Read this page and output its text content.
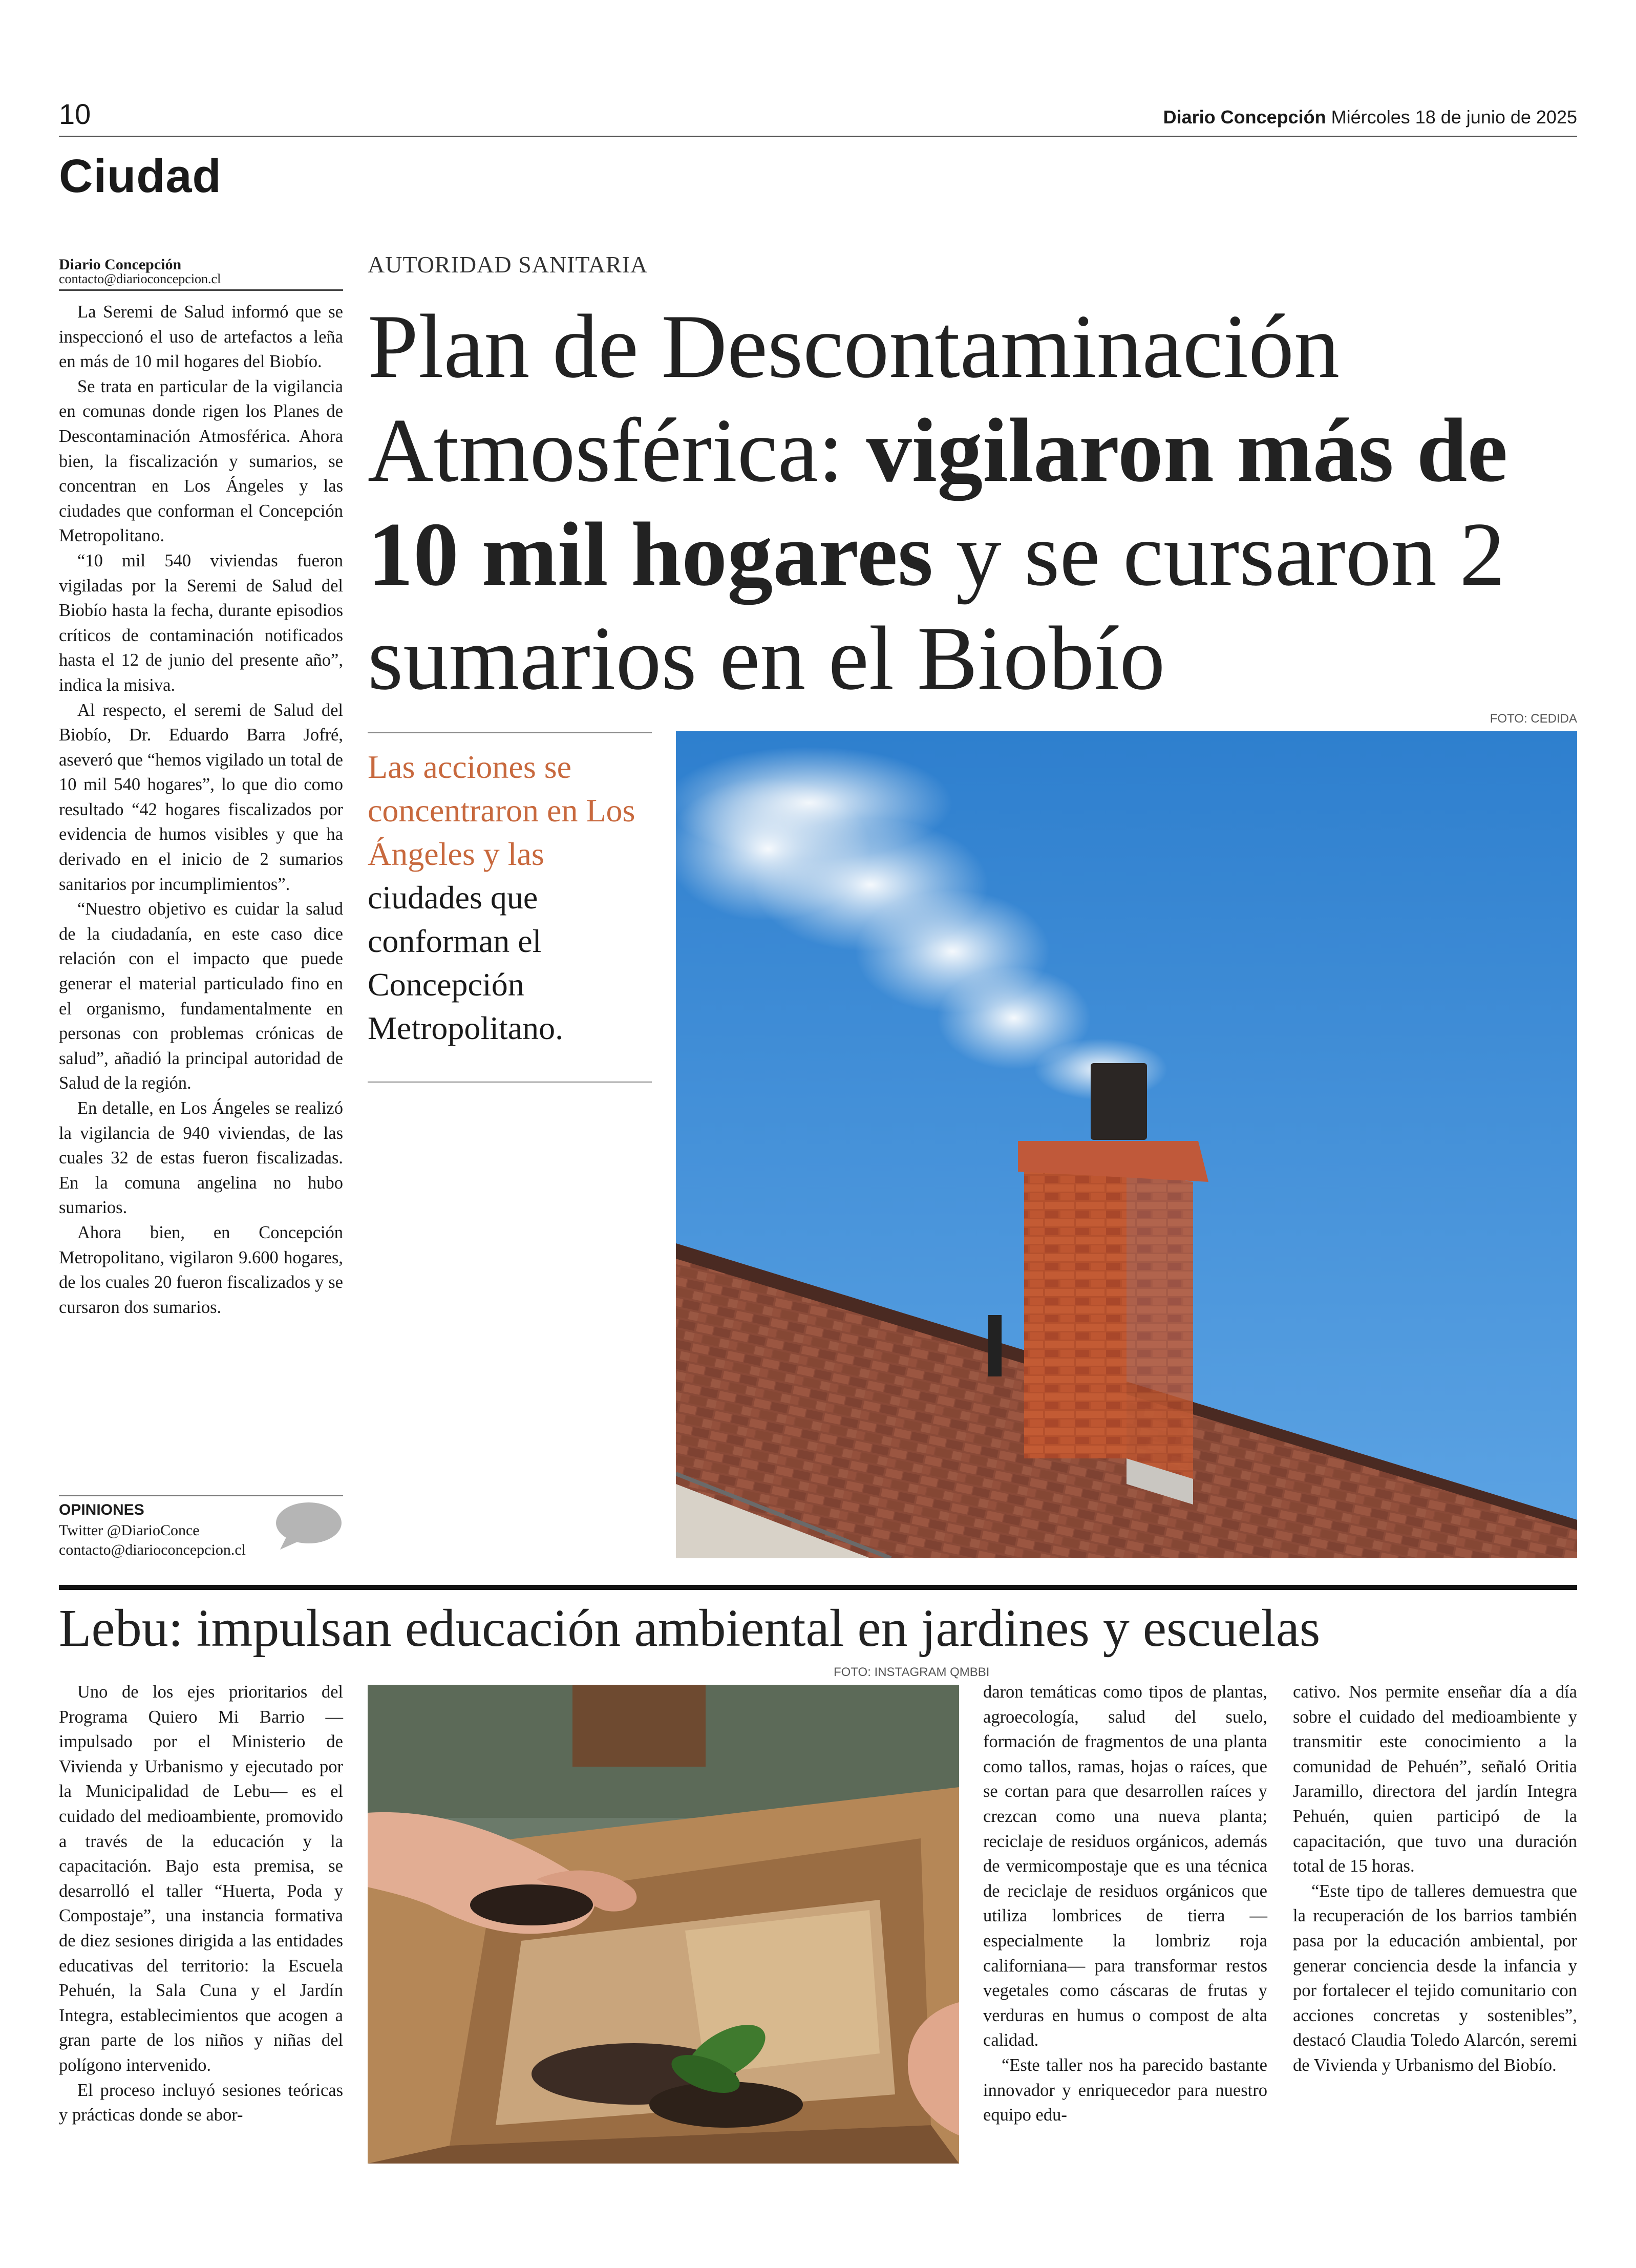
10	Diario Concepción Miércoles 18 de junio de 2025
Ciudad
Diario Concepción
contacto@diarioconcepcion.cl

La Seremi de Salud informó que se inspeccionó el uso de artefactos a leña en más de 10 mil hogares del Biobío.

Se trata en particular de la vigilancia en comunas donde rigen los Planes de Descontaminación Atmosférica. Ahora bien, la fiscalización y sumarios, se concentran en Los Ángeles y las ciudades que conforman el Concepción Metropolitano.

“10 mil 540 viviendas fueron vigiladas por la Seremi de Salud del Biobío hasta la fecha, durante episodios críticos de contaminación notificados hasta el 12 de junio del presente año”, indica la misiva.

Al respecto, el seremi de Salud del Biobío, Dr. Eduardo Barra Jofré, aseveró que “hemos vigilado un total de 10 mil 540 hogares”, lo que dio como resultado “42 hogares fiscalizados por evidencia de humos visibles y que ha derivado en el inicio de 2 sumarios sanitarios por incumplimientos”.

“Nuestro objetivo es cuidar la salud de la ciudadanía, en este caso dice relación con el impacto que puede generar el material particulado fino en el organismo, fundamentalmente en personas con problemas crónicas de salud”, añadió la principal autoridad de Salud de la región.

En detalle, en Los Ángeles se realizó la vigilancia de 940 viviendas, de las cuales 32 de estas fueron fiscalizadas. En la comuna angelina no hubo sumarios.

Ahora bien, en Concepción Metropolitano, vigilaron 9.600 hogares, de los cuales 20 fueron fiscalizados y se cursaron dos sumarios.

OPINIONES
Twitter @DiarioConce
contacto@diarioconcepcion.cl
AUTORIDAD SANITARIA
Plan de Descontaminación Atmosférica: vigilaron más de 10 mil hogares y se cursaron 2 sumarios en el Biobío
FOTO: CEDIDA
Las acciones se concentraron en Los Ángeles y las ciudades que conforman el Concepción Metropolitano.
Lebu: impulsan educación ambiental en jardines y escuelas
FOTO: INSTAGRAM QMBBI

Uno de los ejes prioritarios del Programa Quiero Mi Barrio —impulsado por el Ministerio de Vivienda y Urbanismo y ejecutado por la Municipalidad de Lebu— es el cuidado del medioambiente, promovido a través de la educación y la capacitación. Bajo esta premisa, se desarrolló el taller “Huerta, Poda y Compostaje”, una instancia formativa de diez sesiones dirigida a las entidades educativas del territorio: la Escuela Pehuén, la Sala Cuna y el Jardín Integra, establecimientos que acogen a gran parte de los niños y niñas del polígono intervenido.

El proceso incluyó sesiones teóricas y prácticas donde se abor-

daron temáticas como tipos de plantas, agroecología, salud del suelo, formación de fragmentos de una planta como tallos, ramas, hojas o raíces, que se cortan para que desarrollen raíces y crezcan como una nueva planta; reciclaje de residuos orgánicos, además de vermicompostaje que es una técnica de reciclaje de residuos orgánicos que utiliza lombrices de tierra —especialmente la lombriz roja californiana— para transformar restos vegetales como cáscaras de frutas y verduras en humus o compost de alta calidad.

“Este taller nos ha parecido bastante innovador y enriquecedor para nuestro equipo edu-

cativo. Nos permite enseñar día a día sobre el cuidado del medioambiente y transmitir este conocimiento a la comunidad de Pehuén”, señaló Oritia Jaramillo, directora del jardín Integra Pehuén, quien participó de la capacitación, que tuvo una duración total de 15 horas.

“Este tipo de talleres demuestra que la recuperación de los barrios también pasa por la educación ambiental, por generar conciencia desde la infancia y por fortalecer el tejido comunitario con acciones concretas y sostenibles”, destacó Claudia Toledo Alarcón, seremi de Vivienda y Urbanismo del Biobío.
